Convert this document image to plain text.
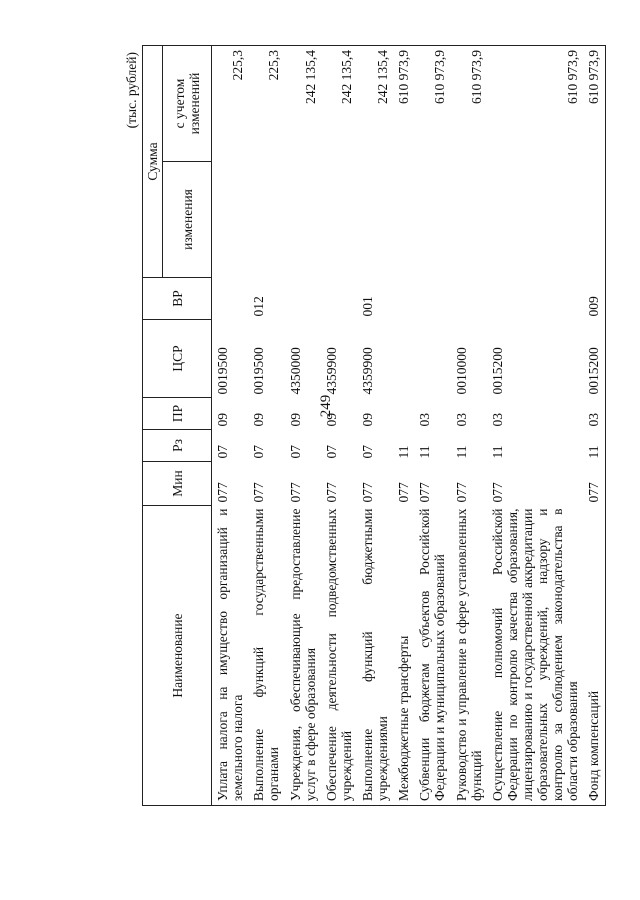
249
(тыс. рублей)
Наименование	Мин	Рз	ПР	ЦСР	ВР	Сумма	
						изменения	с учетом изменений
Уплата налога на имущество организаций и земельного налога	077	07	09	0019500			225,3
Выполнение функций государственными органами	077	07	09	0019500	012		225,3
Учреждения, обеспечивающие предоставление услуг в сфере образования	077	07	09	4350000			242 135,4
Обеспечение деятельности подведомственных учреждений	077	07	09	4359900			242 135,4
Выполнение функций бюджетными учреждениями	077	07	09	4359900	001		242 135,4
Межбюджетные трансферты	077	11					610 973,9
Субвенции бюджетам субъектов Российской Федерации и муниципальных образований	077	11	03				610 973,9
Руководство и управление в сфере установленных функций	077	11	03	0010000			610 973,9
Осуществление полномочий Российской Федерации по контролю качества образования, лицензированию и государственной аккредитации образовательных учреждений, надзору и контролю за соблюдением законодательства в области образования	077	11	03	0015200			610 973,9
Фонд компенсаций	077	11	03	0015200	009		610 973,9
